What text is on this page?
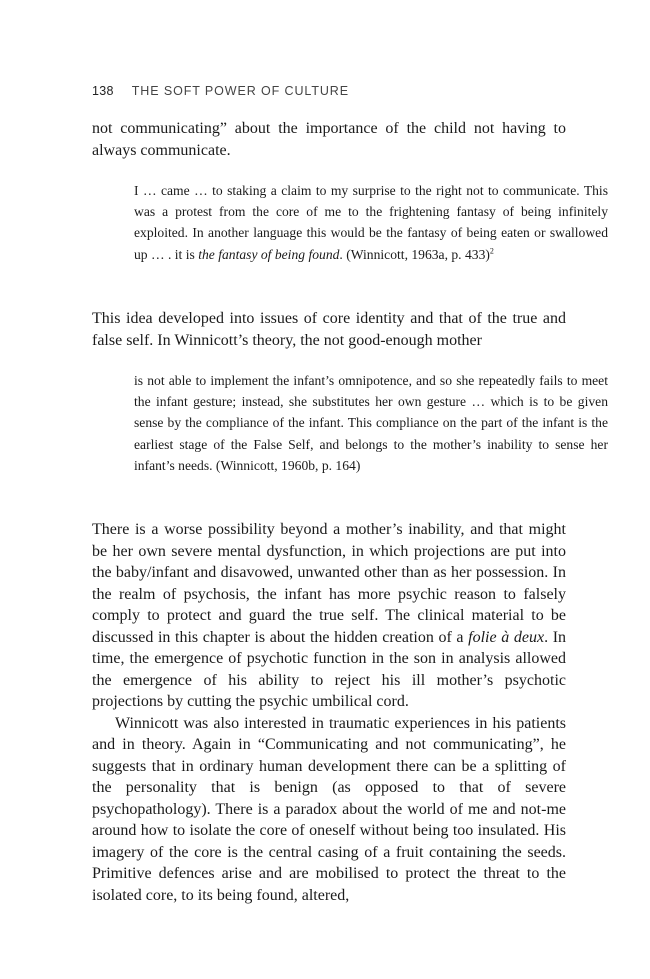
138 THE SOFT POWER OF CULTURE

not communicating” about the importance of the child not having to always communicate.

I … came … to staking a claim to my surprise to the right not to communicate. This was a protest from the core of me to the frightening fantasy of being infinitely exploited. In another language this would be the fantasy of being eaten or swallowed up … . it is the fantasy of being found. (Winnicott, 1963a, p. 433)$^2$

This idea developed into issues of core identity and that of the true and false self. In Winnicott’s theory, the not good-enough mother

is not able to implement the infant’s omnipotence, and so she repeatedly fails to meet the infant gesture; instead, she substitutes her own gesture … which is to be given sense by the compliance of the infant. This compliance on the part of the infant is the earliest stage of the False Self, and belongs to the mother’s inability to sense her infant’s needs. (Winnicott, 1960b, p. 164)

There is a worse possibility beyond a mother’s inability, and that might be her own severe mental dysfunction, in which projections are put into the baby/infant and disavowed, unwanted other than as her possession. In the realm of psychosis, the infant has more psychic reason to falsely comply to protect and guard the true self. The clinical material to be discussed in this chapter is about the hidden creation of a folie à deux. In time, the emergence of psychotic function in the son in analysis allowed the emergence of his ability to reject his ill mother’s psychotic projections by cutting the psychic umbilical cord.

Winnicott was also interested in traumatic experiences in his patients and in theory. Again in “Communicating and not communicating”, he suggests that in ordinary human development there can be a splitting of the personality that is benign (as opposed to that of severe psychopathology). There is a paradox about the world of me and not-me around how to isolate the core of oneself without being too insulated. His imagery of the core is the central casing of a fruit containing the seeds. Primitive defences arise and are mobilised to protect the threat to the isolated core, to its being found, altered,
